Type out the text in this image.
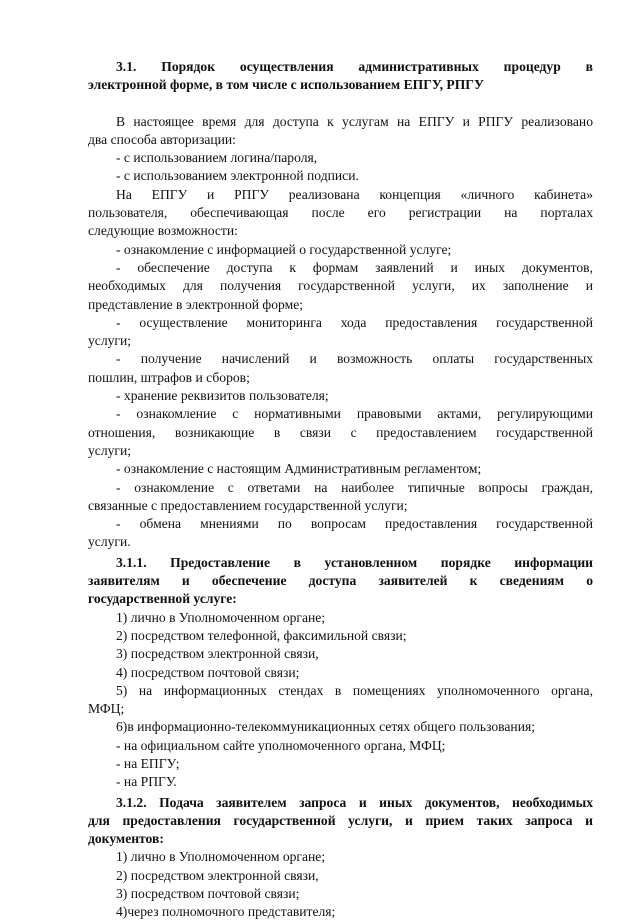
3.1. Порядок осуществления административных процедур в

электронной форме, в том числе с использованием ЕПГУ, РПГУ

В настоящее время для доступа к услугам на ЕПГУ и РПГУ реализовано

два способа авторизации:

- с использованием логина/пароля,

- с использованием электронной подписи.

На ЕПГУ и РПГУ реализована концепция «личного кабинета»

пользователя, обеспечивающая после его регистрации на порталах

следующие возможности:

- ознакомление с информацией о государственной услуге;

- обеспечение доступа к формам заявлений и иных документов,

необходимых для получения государственной услуги, их заполнение и

представление в электронной форме;

- осуществление мониторинга хода предоставления государственной

услуги;

- получение начислений и возможность оплаты государственных

пошлин, штрафов и сборов;

- хранение реквизитов пользователя;

- ознакомление с нормативными правовыми актами, регулирующими

отношения, возникающие в связи с предоставлением государственной

услуги;

- ознакомление с настоящим Административным регламентом;

- ознакомление с ответами на наиболее типичные вопросы граждан,

связанные с предоставлением государственной услуги;

- обмена мнениями по вопросам предоставления государственной

услуги.

3.1.1. Предоставление в установленном порядке информации

заявителям и обеспечение доступа заявителей к сведениям о

государственной услуге:

1) лично в Уполномоченном органе;

2) посредством телефонной, факсимильной связи;

3) посредством электронной связи,

4) посредством почтовой связи;

5) на информационных стендах в помещениях уполномоченного органа,

МФЦ;

6)в информационно-телекоммуникационных сетях общего пользования;

- на официальном сайте уполномоченного органа, МФЦ;

- на ЕПГУ;

- на РПГУ.

3.1.2. Подача заявителем запроса и иных документов, необходимых

для предоставления государственной услуги, и прием таких запроса и

документов:

1) лично в Уполномоченном органе;

2) посредством электронной связи,

3) посредством почтовой связи;

4)через полномочного представителя;
